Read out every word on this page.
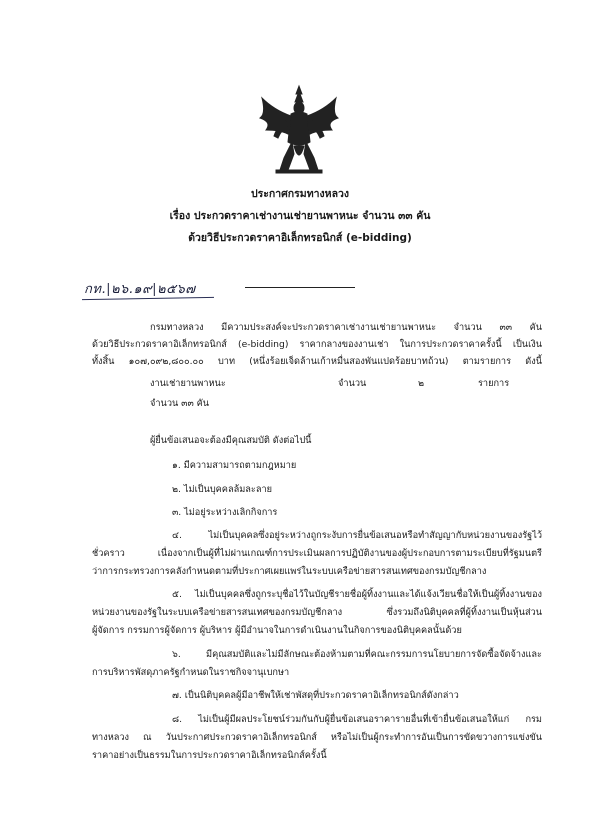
ประกาศกรมทางหลวง
เรื่อง ประกวดราคาเช่างานเช่ายานพาหนะ จำนวน ๓๓ คัน
ด้วยวิธีประกวดราคาอิเล็กทรอนิกส์ (e-bidding)
กท.|๒๖.๑๙|๒๕๖๗
กรมทางหลวง มีความประสงค์จะประกวดราคาเช่างานเช่ายานพาหนะ จำนวน ๓๓ คัน
ด้วยวิธีประกวดราคาอิเล็กทรอนิกส์ (e-bidding) ราคากลางของงานเช่า ในการประกวดราคาครั้งนี้ เป็นเงิน
ทั้งสิ้น ๑๐๗,๐๙๒,๘๐๐.๐๐ บาท (หนึ่งร้อยเจ็ดล้านเก้าหมื่นสองพันแปดร้อยบาทถ้วน) ตามรายการ ดังนี้
งานเช่ายานพาหนะ	จำนวน	๒	รายการ
จำนวน ๓๓ คัน
ผู้ยื่นข้อเสนอจะต้องมีคุณสมบัติ ดังต่อไปนี้
๑. มีความสามารถตามกฎหมาย
๒. ไม่เป็นบุคคลล้มละลาย
๓. ไม่อยู่ระหว่างเลิกกิจการ
๔. ไม่เป็นบุคคลซึ่งอยู่ระหว่างถูกระงับการยื่นข้อเสนอหรือทำสัญญากับหน่วยงานของรัฐไว้
ชั่วคราว เนื่องจากเป็นผู้ที่ไม่ผ่านเกณฑ์การประเมินผลการปฏิบัติงานของผู้ประกอบการตามระเบียบที่รัฐมนตรี
ว่าการกระทรวงการคลังกำหนดตามที่ประกาศเผยแพร่ในระบบเครือข่ายสารสนเทศของกรมบัญชีกลาง
๕. ไม่เป็นบุคคลซึ่งถูกระบุชื่อไว้ในบัญชีรายชื่อผู้ทิ้งงานและได้แจ้งเวียนชื่อให้เป็นผู้ทิ้งงานของ
หน่วยงานของรัฐในระบบเครือข่ายสารสนเทศของกรมบัญชีกลาง ซึ่งรวมถึงนิติบุคคลที่ผู้ทิ้งงานเป็นหุ้นส่วน
ผู้จัดการ กรรมการผู้จัดการ ผู้บริหาร ผู้มีอำนาจในการดำเนินงานในกิจการของนิติบุคคลนั้นด้วย
๖. มีคุณสมบัติและไม่มีลักษณะต้องห้ามตามที่คณะกรรมการนโยบายการจัดซื้อจัดจ้างและ
การบริหารพัสดุภาครัฐกำหนดในราชกิจจานุเบกษา
๗. เป็นนิติบุคคลผู้มีอาชีพให้เช่าพัสดุที่ประกวดราคาอิเล็กทรอนิกส์ดังกล่าว
๘. ไม่เป็นผู้มีผลประโยชน์ร่วมกันกับผู้ยื่นข้อเสนอราคารายอื่นที่เข้ายื่นข้อเสนอให้แก่ กรม
ทางหลวง ณ วันประกาศประกวดราคาอิเล็กทรอนิกส์ หรือไม่เป็นผู้กระทำการอันเป็นการขัดขวางการแข่งขัน
ราคาอย่างเป็นธรรมในการประกวดราคาอิเล็กทรอนิกส์ครั้งนี้
